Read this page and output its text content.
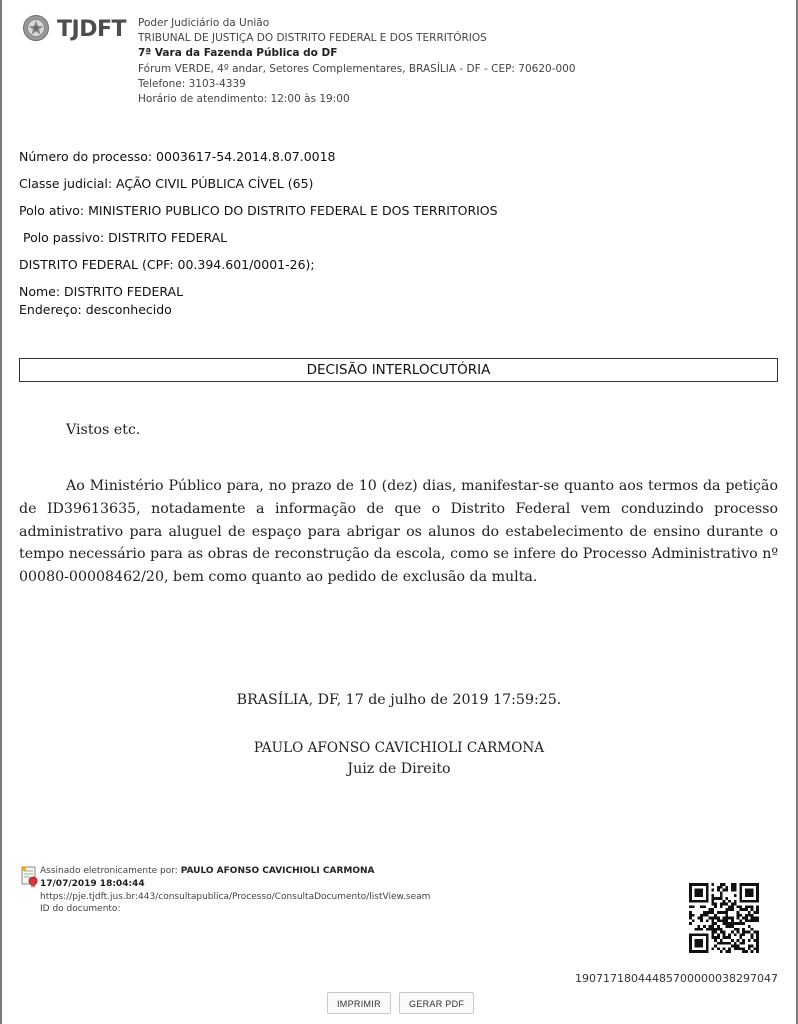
TJDFT Poder Judiciário da União
TRIBUNAL DE JUSTIÇA DO DISTRITO FEDERAL E DOS TERRITÓRIOS
7ª Vara da Fazenda Pública do DF
Fórum VERDE, 4º andar, Setores Complementares, BRASÍLIA - DF - CEP: 70620-000
Telefone: 3103-4339
Horário de atendimento: 12:00 às 19:00
Número do processo: 0003617-54.2014.8.07.0018
Classe judicial: AÇÃO CIVIL PÚBLICA CÍVEL (65)
Polo ativo: MINISTERIO PUBLICO DO DISTRITO FEDERAL E DOS TERRITORIOS
Polo passivo: DISTRITO FEDERAL
DISTRITO FEDERAL (CPF: 00.394.601/0001-26);
Nome: DISTRITO FEDERAL
Endereço: desconhecido
DECISÃO INTERLOCUTÓRIA
Vistos etc.
Ao Ministério Público para, no prazo de 10 (dez) dias, manifestar-se quanto aos termos da petição de ID39613635, notadamente a informação de que o Distrito Federal vem conduzindo processo administrativo para aluguel de espaço para abrigar os alunos do estabelecimento de ensino durante o tempo necessário para as obras de reconstrução da escola, como se infere do Processo Administrativo nº 00080-00008462/20, bem como quanto ao pedido de exclusão da multa.
BRASÍLIA, DF, 17 de julho de 2019 17:59:25.
PAULO AFONSO CAVICHIOLI CARMONA
Juiz de Direito
Assinado eletronicamente por: PAULO AFONSO CAVICHIOLI CARMONA
17/07/2019 18:04:44
https://pje.tjdft.jus.br:443/consultapublica/Processo/ConsultaDocumento/listView.seam
ID do documento:
19071718044485700000038297047
IMPRIMIR	GERAR PDF
